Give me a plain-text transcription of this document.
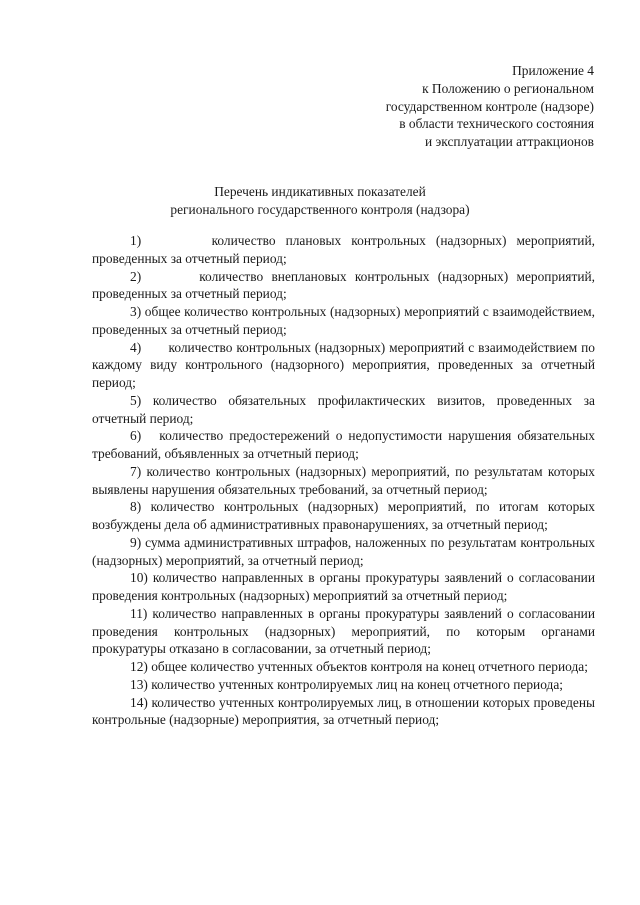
Приложение 4
к Положению о региональном
государственном контроле (надзоре)
в области технического состояния
и эксплуатации аттракционов
Перечень индикативных показателей
регионального государственного контроля (надзора)

1)       количество плановых контрольных (надзорных) мероприятий, проведенных за отчетный период;

2)       количество внеплановых контрольных (надзорных) мероприятий, проведенных за отчетный период;

3) общее количество контрольных (надзорных) мероприятий с взаимодействием, проведенных за отчетный период;

4)       количество контрольных (надзорных) мероприятий с взаимодействием по каждому виду контрольного (надзорного) мероприятия, проведенных за отчетный период;

5) количество обязательных профилактических визитов, проведенных за отчетный период;

6)   количество предостережений о недопустимости нарушения обязательных требований, объявленных за отчетный период;

7) количество контрольных (надзорных) мероприятий, по результатам которых выявлены нарушения обязательных требований, за отчетный период;

8) количество контрольных (надзорных) мероприятий, по итогам которых возбуждены дела об административных правонарушениях, за отчетный период;

9) сумма административных штрафов, наложенных по результатам контрольных (надзорных) мероприятий, за отчетный период;

10) количество направленных в органы прокуратуры заявлений о согласовании проведения контрольных (надзорных) мероприятий за отчетный период;

11) количество направленных в органы прокуратуры заявлений о согласовании проведения контрольных (надзорных) мероприятий, по которым органами прокуратуры отказано в согласовании, за отчетный период;

12) общее количество учтенных объектов контроля на конец отчетного периода;

13) количество учтенных контролируемых лиц на конец отчетного периода;

14) количество учтенных контролируемых лиц, в отношении которых проведены контрольные (надзорные) мероприятия, за отчетный период;
